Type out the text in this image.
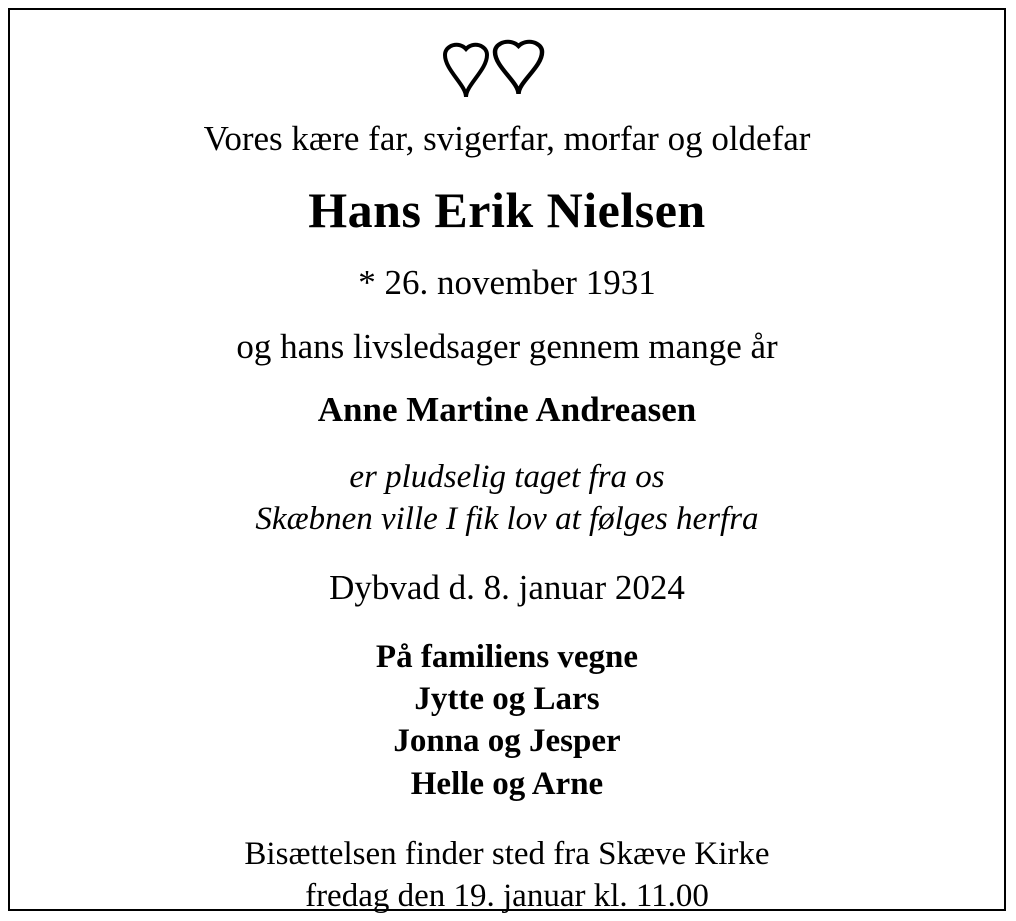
Vores kære far, svigerfar, morfar og oldefar
Hans Erik Nielsen
* 26. november 1931
og hans livsledsager gennem mange år
Anne Martine Andreasen
er pludselig taget fra os
Skæbnen ville I fik lov at følges herfra
Dybvad d. 8. januar 2024
På familiens vegne
Jytte og Lars
Jonna og Jesper
Helle og Arne
Bisættelsen finder sted fra Skæve Kirke
fredag den 19. januar kl. 11.00
